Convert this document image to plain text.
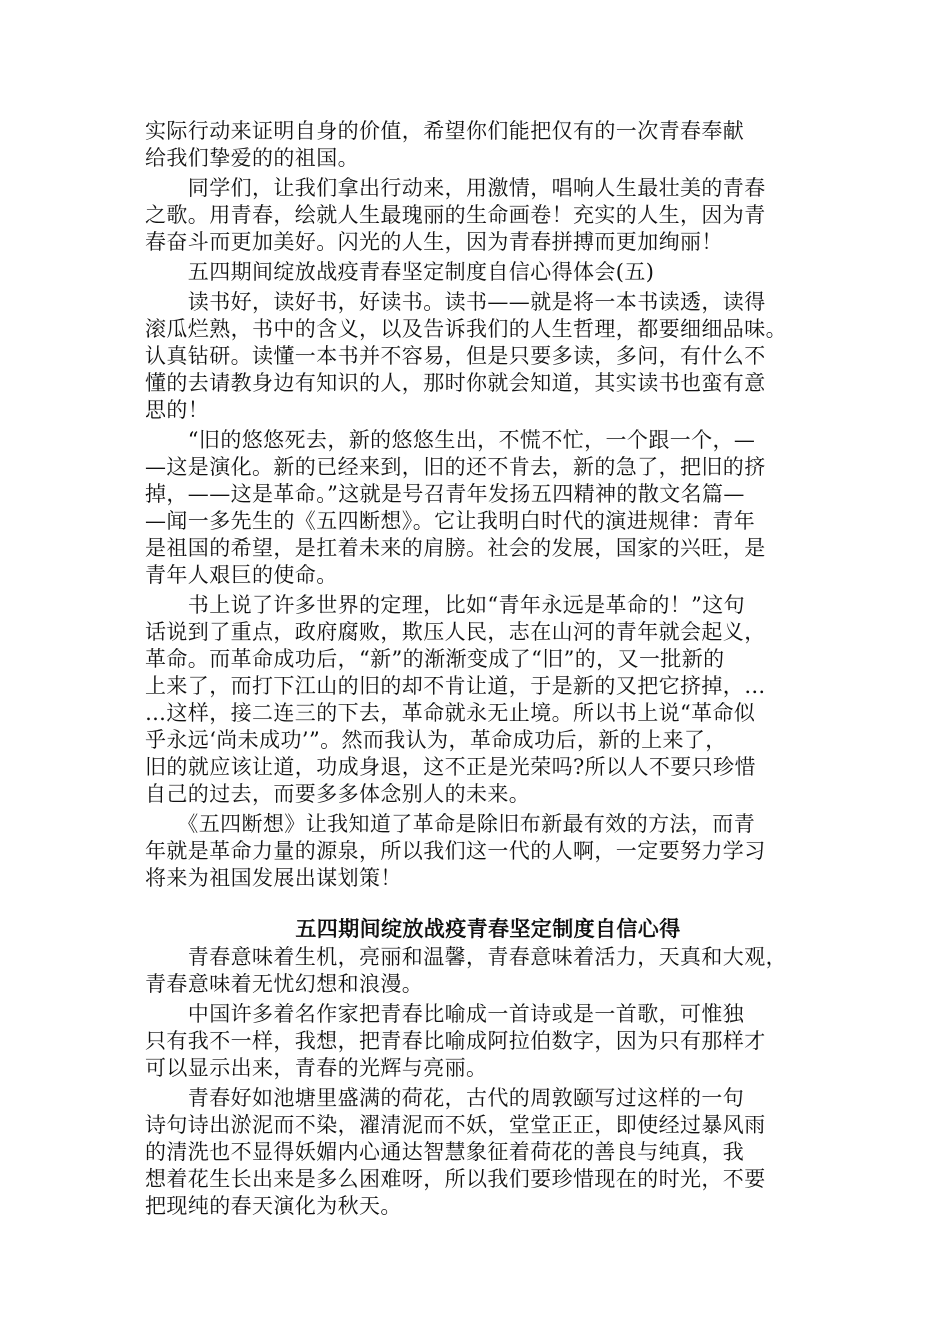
实际行动来证明自身的价值，希望你们能把仅有的一次青春奉献
给我们挚爱的的祖国。
　　同学们，让我们拿出行动来，用激情，唱响人生最壮美的青春
之歌。用青春，绘就人生最瑰丽的生命画卷！充实的人生，因为青
春奋斗而更加美好。闪光的人生，因为青春拼搏而更加绚丽！
　　五四期间绽放战疫青春坚定制度自信心得体会(五)
　　读书好，读好书，好读书。读书——就是将一本书读透，读得
滚瓜烂熟，书中的含义，以及告诉我们的人生哲理，都要细细品味。
认真钻研。读懂一本书并不容易，但是只要多读，多问，有什么不
懂的去请教身边有知识的人，那时你就会知道，其实读书也蛮有意
思的！
　　“旧的悠悠死去，新的悠悠生出，不慌不忙，一个跟一个，—
—这是演化。新的已经来到，旧的还不肯去，新的急了，把旧的挤
掉，——这是革命。”这就是号召青年发扬五四精神的散文名篇—
—闻一多先生的《五四断想》。它让我明白时代的演进规律：青年
是祖国的希望，是扛着未来的肩膀。社会的发展，国家的兴旺，是
青年人艰巨的使命。
　　书上说了许多世界的定理，比如“青年永远是革命的！”这句
话说到了重点，政府腐败，欺压人民，志在山河的青年就会起义，
革命。而革命成功后，“新”的渐渐变成了“旧”的，又一批新的
上来了，而打下江山的旧的却不肯让道，于是新的又把它挤掉，…
…这样，接二连三的下去，革命就永无止境。所以书上说“革命似
乎永远‘尚未成功’”。然而我认为，革命成功后，新的上来了，
旧的就应该让道，功成身退，这不正是光荣吗?所以人不要只珍惜
自己的过去，而要多多体念别人的未来。
　　《五四断想》让我知道了革命是除旧布新最有效的方法，而青
年就是革命力量的源泉，所以我们这一代的人啊，一定要努力学习
将来为祖国发展出谋划策！
五四期间绽放战疫青春坚定制度自信心得
　　青春意味着生机，亮丽和温馨，青春意味着活力，天真和大观，
青春意味着无忧幻想和浪漫。
　　中国许多着名作家把青春比喻成一首诗或是一首歌，可惟独
只有我不一样，我想，把青春比喻成阿拉伯数字，因为只有那样才
可以显示出来，青春的光辉与亮丽。
　　青春好如池塘里盛满的荷花，古代的周敦颐写过这样的一句
诗句诗出淤泥而不染，濯清泥而不妖，堂堂正正，即使经过暴风雨
的清洗也不显得妖媚内心通达智慧象征着荷花的善良与纯真，我
想着花生长出来是多么困难呀，所以我们要珍惜现在的时光，不要
把现纯的春天演化为秋天。
